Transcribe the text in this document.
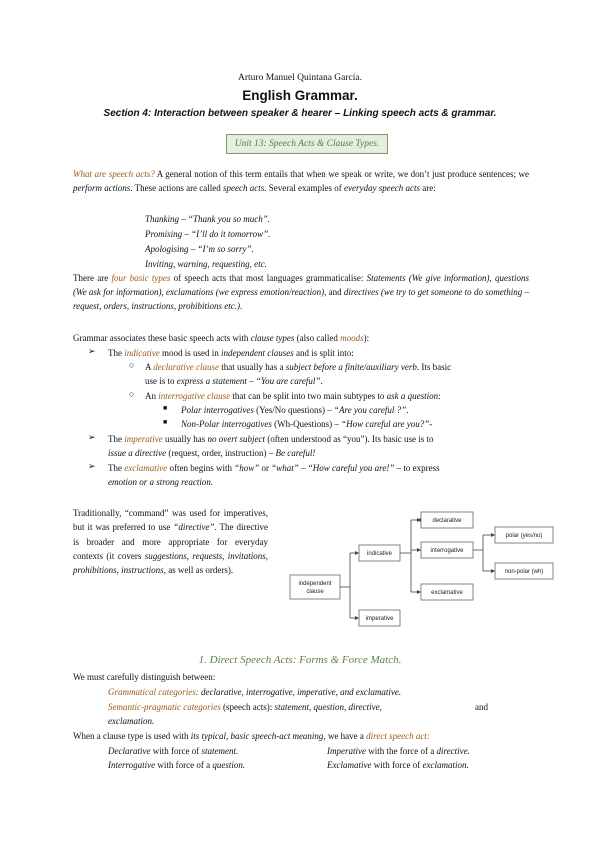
Arturo Manuel Quintana García.
English Grammar.
Section 4: Interaction between speaker & hearer – Linking speech acts & grammar.
Unit 13: Speech Acts & Clause Types.
What are speech acts? A general notion of this term entails that when we speak or write, we don’t just produce sentences; we perform actions. These actions are called speech acts. Several examples of everyday speech acts are:
Thanking – “Thank you so much”.
Promising – “I’ll do it tomorrow”.
Apologising – “I’m so sorry”.
Inviting, warning, requesting, etc.
There are four basic types of speech acts that most languages grammaticalise: Statements (We give information), questions (We ask for information), exclamations (we express emotion/reaction), and directives (we try to get someone to do something – request, orders, instructions, prohibitions etc.).
Grammar associates these basic speech acts with clause types (also called moods):
➢ The indicative mood is used in independent clauses and is split into:
○ A declarative clause that usually has a subject before a finite/auxiliary verb. Its basic
use is to express a statement – “You are careful”.
○ An interrogative clause that can be split into two main subtypes to ask a question:
■ Polar interrogatives (Yes/No questions) – “Are you careful ?”.
■ Non-Polar interrogatives (Wh-Questions) – “How careful are you?”-
➢ The imperative usually has no overt subject (often understood as “you”). Its basic use is to
issue a directive (request, order, instruction) – Be careful!
➢ The exclamative often begins with “how” or “what” – “How careful you are!” – to express
emotion or a strong reaction.
Traditionally, “command” was used for imperatives, but it was preferred to use “directive”. The directive is broader and more appropriate for everyday contexts (it covers suggestions, requests, invitations, prohibitions, instructions, as well as orders).
independent
clause
indicative
imperative
declarative
interrogative
exclamative
polar (yes/no)
non-polar (wh)
1. Direct Speech Acts: Forms & Force Match.
We must carefully distinguish between:
Grammatical categories: declarative, interrogative, imperative, and exclamative.
Semantic-pragmatic categories (speech acts): statement, question, directive,	and
exclamation.
When a clause type is used with its typical, basic speech-act meaning, we have a direct speech act:
Declarative with force of statement.	Imperative with the force of a directive.
Interrogative with force of a question.	Exclamative with force of exclamation.
